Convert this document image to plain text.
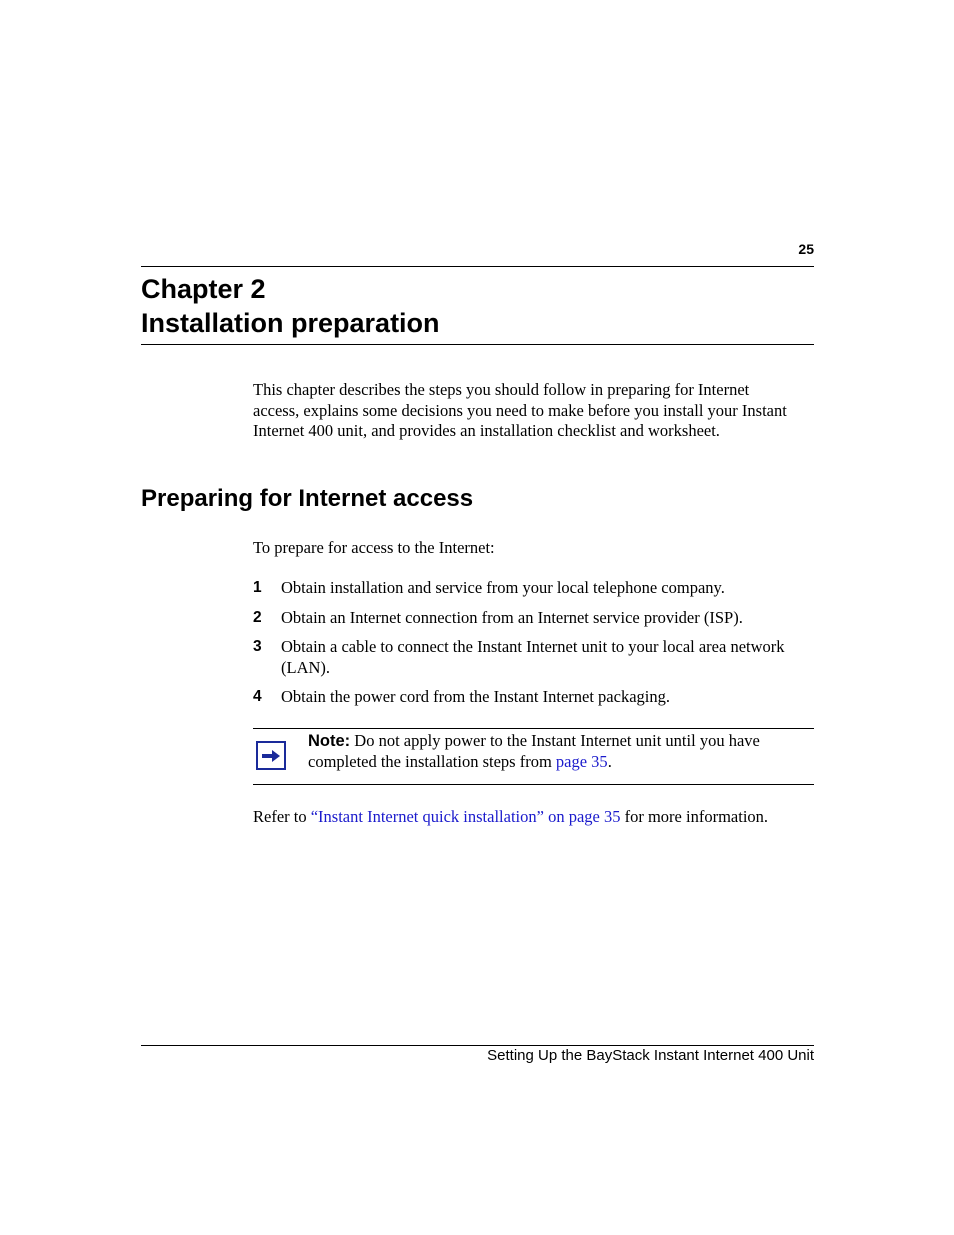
25
Chapter 2
Installation preparation
This chapter describes the steps you should follow in preparing for Internet
access, explains some decisions you need to make before you install your Instant
Internet 400 unit, and provides an installation checklist and worksheet.
Preparing for Internet access
To prepare for access to the Internet:
1 Obtain installation and service from your local telephone company.
2 Obtain an Internet connection from an Internet service provider (ISP).
3 Obtain a cable to connect the Instant Internet unit to your local area network
(LAN).
4 Obtain the power cord from the Instant Internet packaging.
Note: Do not apply power to the Instant Internet unit until you have
completed the installation steps from page 35.
Refer to “Instant Internet quick installation” on page 35 for more information.
Setting Up the BayStack Instant Internet 400 Unit
